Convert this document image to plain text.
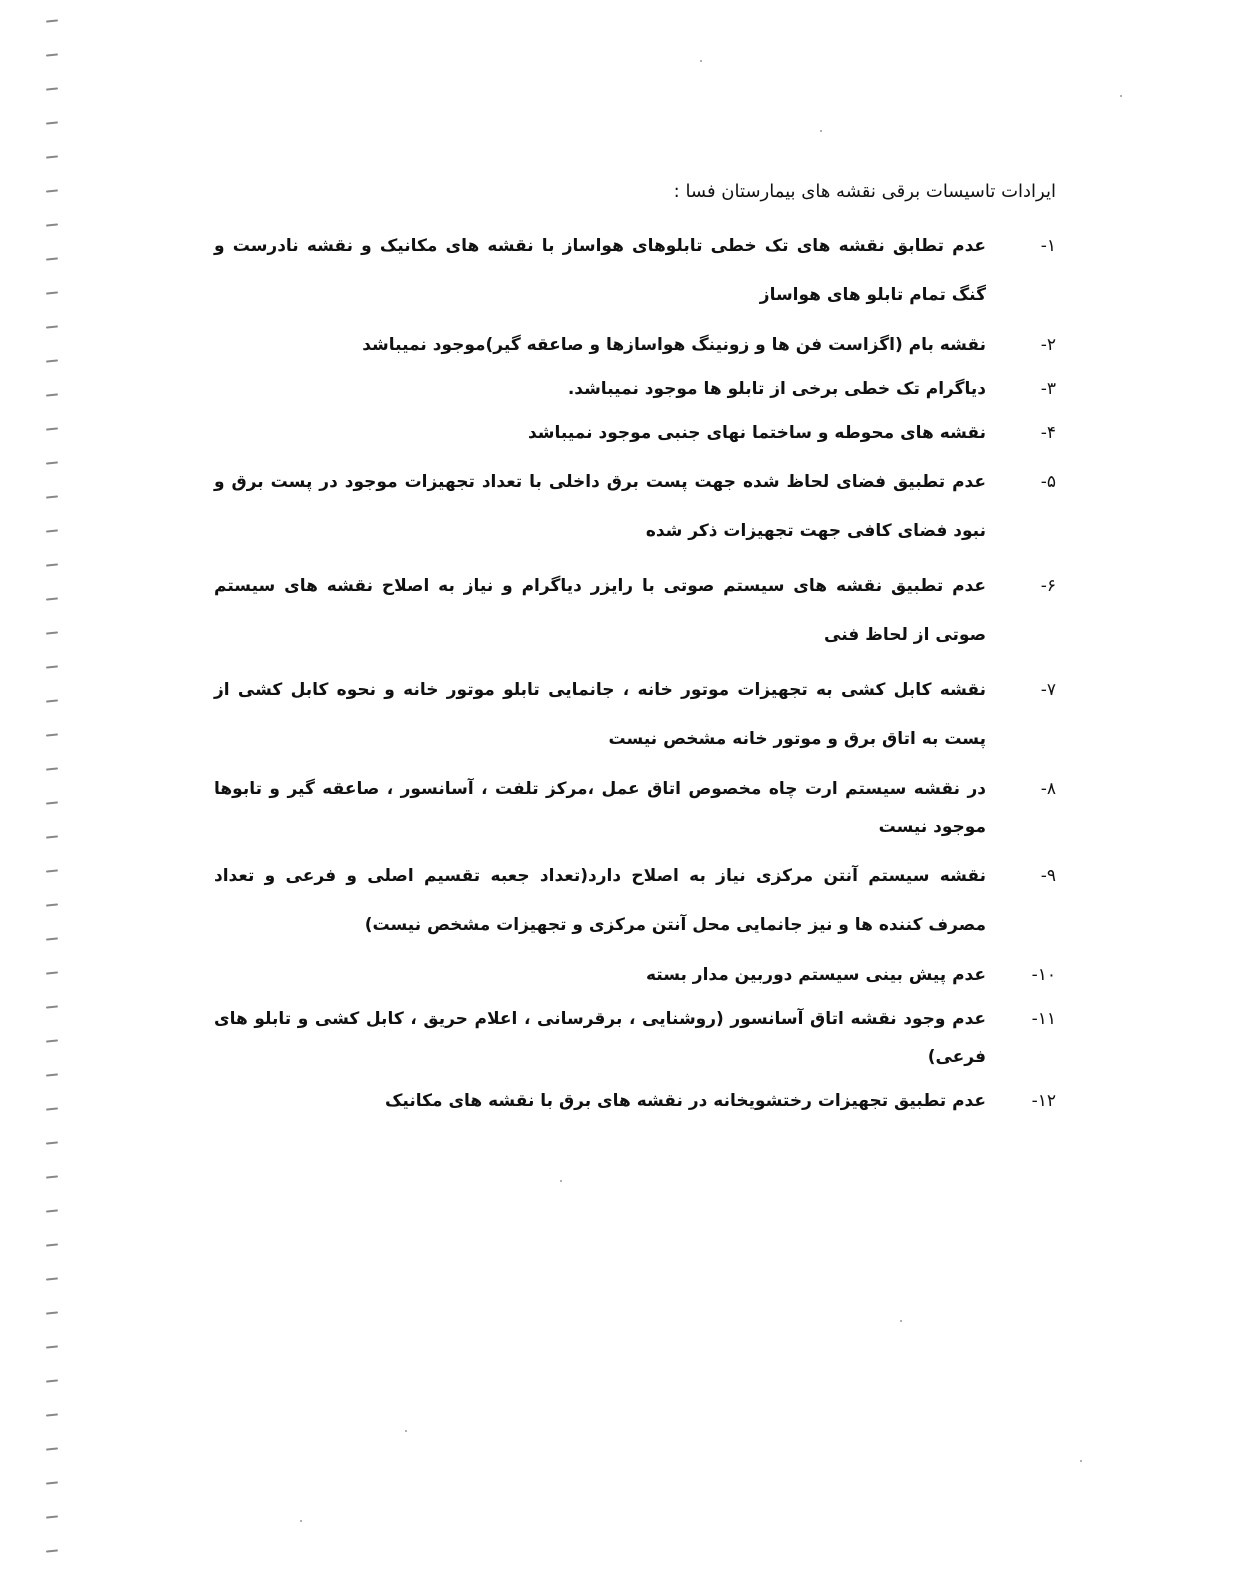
ایرادات تاسیسات برقی نقشه های بیمارستان فسا :
۱-
عدم تطابق نقشه های تک خطی تابلوهای هواساز با نقشه های مکانیک و نقشه نادرست و گنگ تمام تابلو های هواساز
۲-
نقشه بام (اگزاست فن ها و زونینگ هواسازها و صاعقه گیر)موجود نمیباشد
۳-
دیاگرام تک خطی برخی از تابلو ها موجود نمیباشد.
۴-
نقشه های محوطه و ساختما نهای جنبی موجود نمیباشد
۵-
عدم تطبیق فضای لحاظ شده جهت پست برق داخلی با تعداد تجهیزات موجود در پست برق و نبود فضای کافی جهت تجهیزات ذکر شده
۶-
عدم تطبیق نقشه های سیستم صوتی با رایزر دیاگرام و نیاز به اصلاح نقشه های سیستم صوتی از لحاظ فنی
۷-
نقشه کابل کشی به تجهیزات موتور خانه ، جانمایی تابلو موتور خانه و نحوه کابل کشی از پست به اتاق برق و موتور خانه مشخص نیست
۸-
در نقشه سیستم ارت چاه مخصوص اتاق عمل ،مرکز تلفت ، آسانسور ، صاعقه گیر و تابوها موجود نیست
۹-
نقشه سیستم آنتن مرکزی نیاز به اصلاح دارد(تعداد جعبه تقسیم اصلی و فرعی و تعداد مصرف کننده ها و نیز جانمایی محل آنتن مرکزی و تجهیزات مشخص نیست)
۱۰-
عدم پیش بینی سیستم دوربین مدار بسته
۱۱-
عدم وجود نقشه اتاق آسانسور (روشنایی ، برقرسانی ، اعلام حریق ، کابل کشی و تابلو های فرعی)
۱۲-
عدم تطبیق تجهیزات رختشویخانه در نقشه های برق با نقشه های مکانیک
